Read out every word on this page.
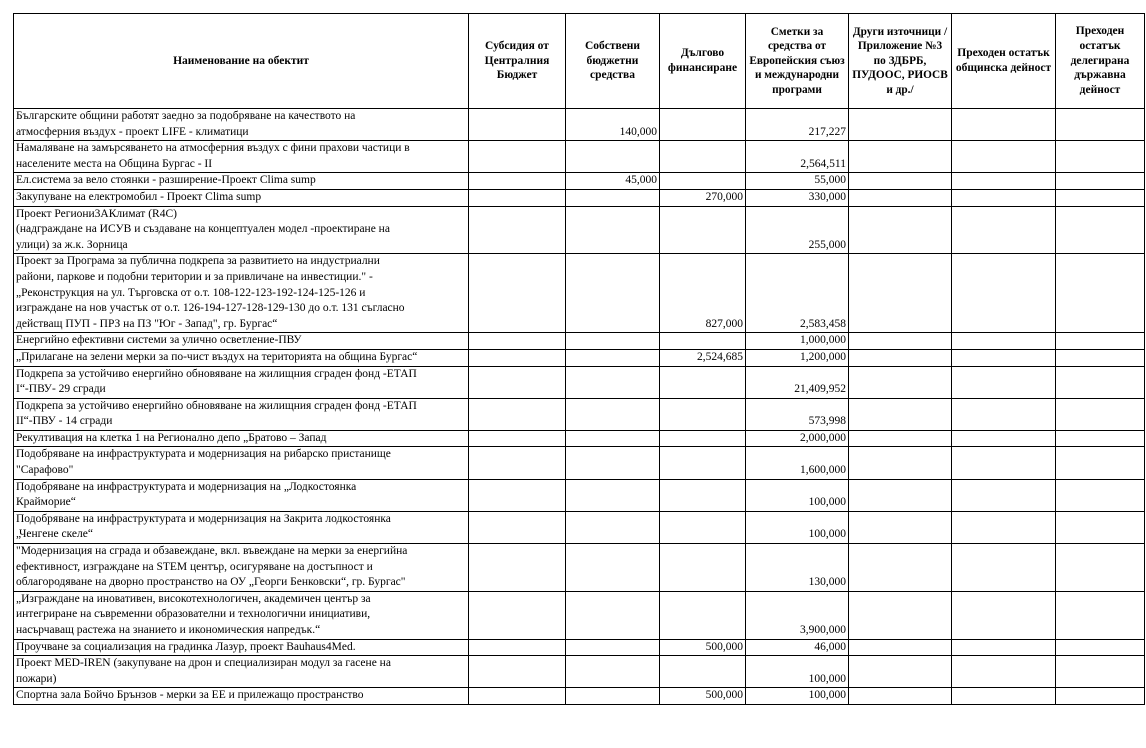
Наименование на обектит	Субсидия от Централния Бюджет	Собствени бюджетни средства	Дългово финансиране	Сметки за средства от Европейския съюз и международни програми	Други източници /Приложение №3 по ЗДБРБ, ПУДООС, РИОСВ и др./	Преходен остатък общинска дейност	Преходен остатък делегирана държавна дейност
Българските общини работят заедно за подобряване на качеството на
атмосферния въздух - проект LIFE - климатици		140,000		217,227			
Намаляване на замърсяването на атмосферния въздух с фини прахови частици в
населените места на Община Бургас - II				2,564,511			
Ел.система за вело стоянки - разширение-Проект Clima sump		45,000		55,000			
Закупуване на електромобил - Проект Clima sump			270,000	330,000			
Проект Региони3АКлимат (R4C)
(надграждане на ИСУВ и създаване на концептуален модел -проектиране на
улици) за ж.к. Зорница				255,000			
Проект за Програма за публична подкрепа за развитието на индустриални
райони, паркове и подобни територии и за привличане на инвестиции." -
„Реконструкция на ул. Търговска от о.т. 108-122-123-192-124-125-126 и
изграждане на нов участък от о.т. 126-194-127-128-129-130 до о.т. 131 съгласно
действащ ПУП - ПРЗ на ПЗ "Юг - Запад", гр. Бургас“			827,000	2,583,458			
Енергийно ефективни системи за улично осветление-ПВУ				1,000,000			
„Прилагане на зелени мерки за по-чист въздух на територията на община Бургас“			2,524,685	1,200,000			
Подкрепа за устойчиво енергийно обновяване на жилищния сграден фонд -ЕТАП
I“-ПВУ- 29 сгради				21,409,952			
Подкрепа за устойчиво енергийно обновяване на жилищния сграден фонд -ЕТАП
II“-ПВУ - 14 сгради				573,998			
Рекултивация на клетка 1 на Регионално депо „Братово – Запад				2,000,000			
Подобряване на инфраструктурата и модернизация на рибарско пристанище
"Сарафово"				1,600,000			
Подобряване на инфраструктурата и модернизация на „Лодкостоянка
Крайморие“				100,000			
Подобряване на инфраструктурата и модернизация на Закрита лодкостоянка
„Ченгене скеле“				100,000			
"Модернизация на сграда и обзавеждане, вкл. въвеждане на мерки за енергийна
ефективност, изграждане на STEM център, осигуряване на достъпност и
облагородяване на дворно пространство на ОУ „Георги Бенковски“, гр. Бургас"				130,000			
„Изграждане на иновативен, високотехнологичен, академичен център за
интегриране на съвременни образователни и технологични инициативи,
насърчаващ растежа на знанието и икономическия напредък.“				3,900,000			
Проучване за социализация на градинка Лазур, проект Bauhaus4Med.			500,000	46,000			
Проект MED-IREN (закупуване на дрон и специализиран модул за гасене на
пожари)				100,000			
Спортна зала Бойчо Брънзов - мерки за ЕЕ и прилежащо пространство			500,000	100,000			
